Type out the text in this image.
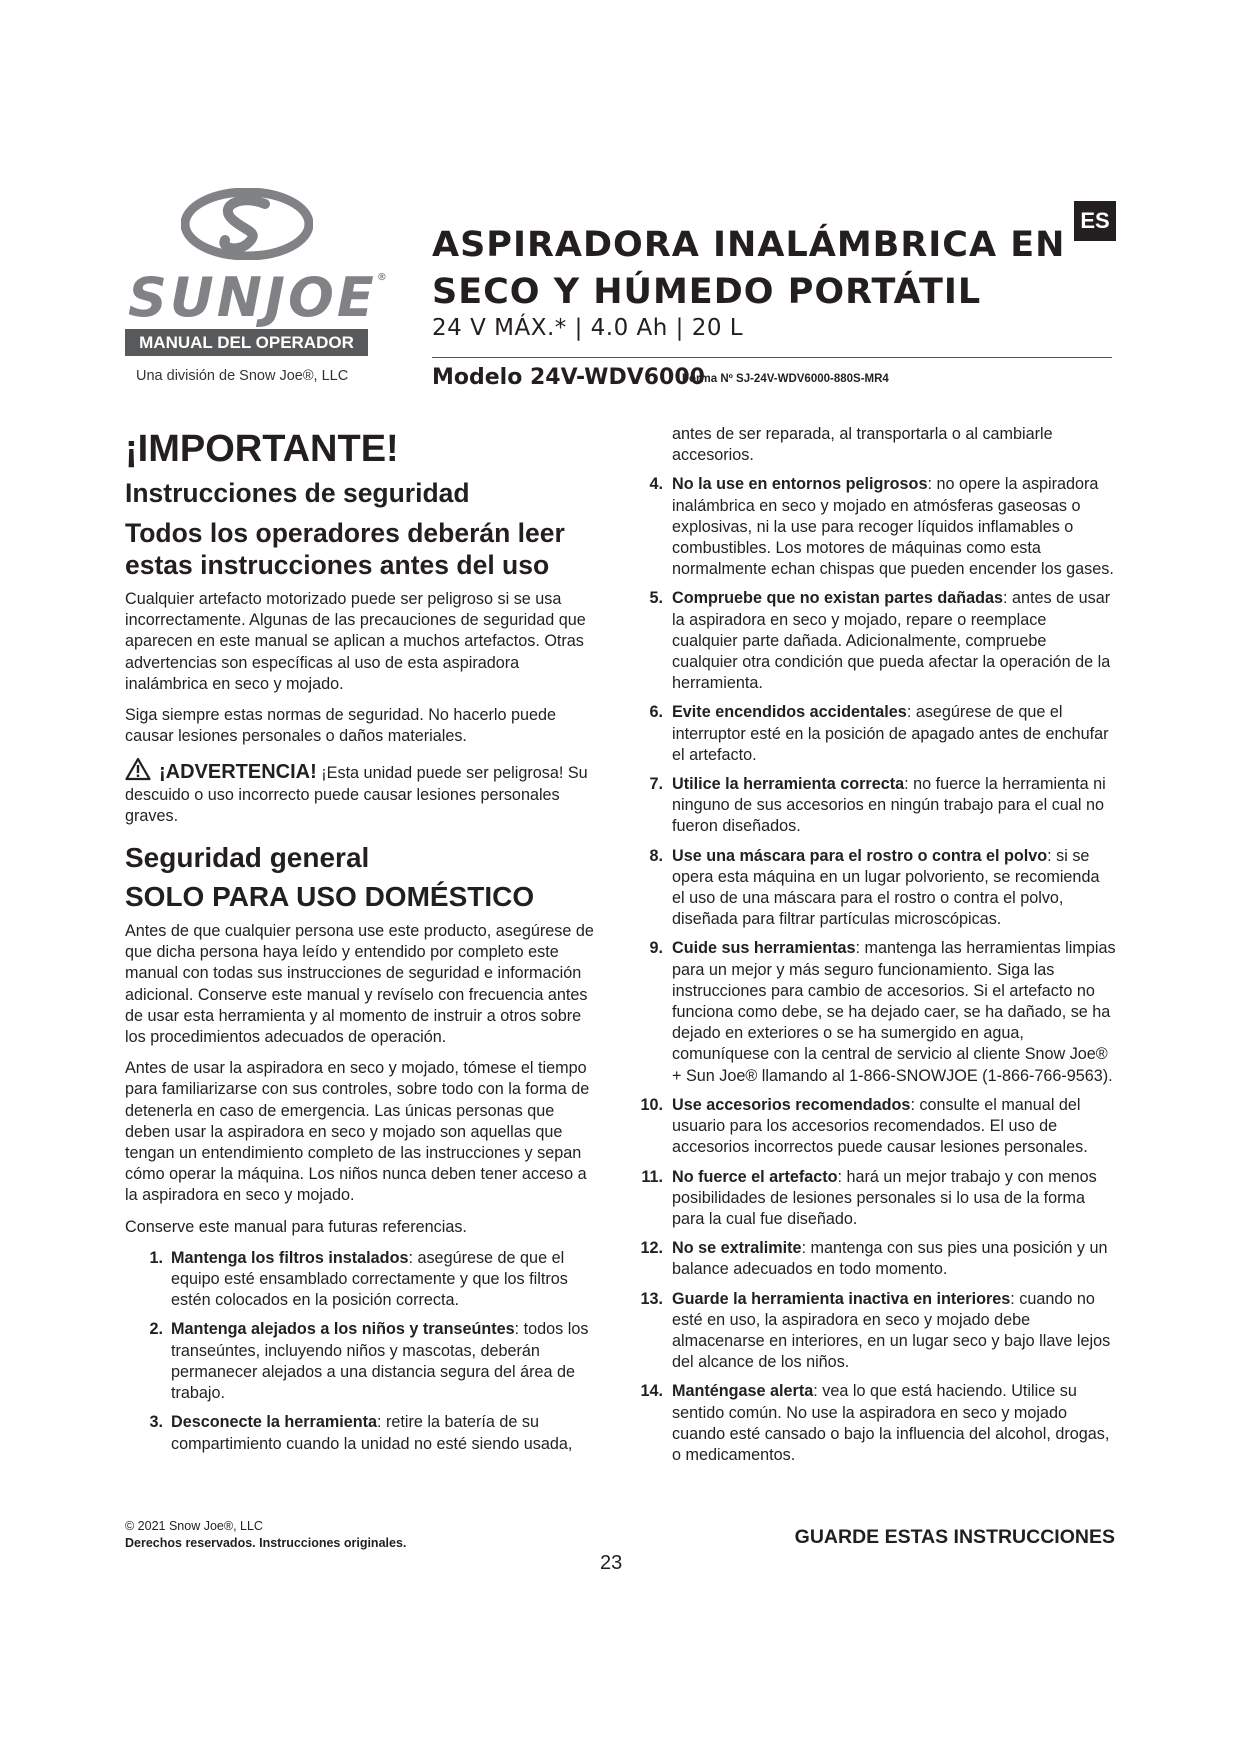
SUNJOE®
MANUAL DEL OPERADOR
Una división de Snow Joe®, LLC
ASPIRADORA INALÁMBRICA EN SECO Y HÚMEDO PORTÁTIL
24 V MÁX.* | 4.0 Ah | 20 L
Modelo 24V-WDV6000
Forma Nº SJ-24V-WDV6000-880S-MR4
ES
¡IMPORTANTE!
Instrucciones de seguridad
Todos los operadores deberán leer estas instrucciones antes del uso

Cualquier artefacto motorizado puede ser peligroso si se usa incorrectamente. Algunas de las precauciones de seguridad que aparecen en este manual se aplican a muchos artefactos. Otras advertencias son específicas al uso de esta aspiradora inalámbrica en seco y mojado.

Siga siempre estas normas de seguridad. No hacerlo puede causar lesiones personales o daños materiales.

¡ADVERTENCIA! ¡Esta unidad puede ser peligrosa! Su descuido o uso incorrecto puede causar lesiones personales graves.
Seguridad general
SOLO PARA USO DOMÉSTICO

Antes de que cualquier persona use este producto, asegúrese de que dicha persona haya leído y entendido por completo este manual con todas sus instrucciones de seguridad e información adicional. Conserve este manual y revíselo con frecuencia antes de usar esta herramienta y al momento de instruir a otros sobre los procedimientos adecuados de operación.

Antes de usar la aspiradora en seco y mojado, tómese el tiempo para familiarizarse con sus controles, sobre todo con la forma de detenerla en caso de emergencia. Las únicas personas que deben usar la aspiradora en seco y mojado son aquellas que tengan un entendimiento completo de las instrucciones y sepan cómo operar la máquina. Los niños nunca deben tener acceso a la aspiradora en seco y mojado.

Conserve este manual para futuras referencias.

1. Mantenga los filtros instalados: asegúrese de que el equipo esté ensamblado correctamente y que los filtros estén colocados en la posición correcta.
2. Mantenga alejados a los niños y transeúntes: todos los transeúntes, incluyendo niños y mascotas, deberán permanecer alejados a una distancia segura del área de trabajo.
3. Desconecte la herramienta: retire la batería de su compartimiento cuando la unidad no esté siendo usada,
antes de ser reparada, al transportarla o al cambiarle accesorios.
4. No la use en entornos peligrosos: no opere la aspiradora inalámbrica en seco y mojado en atmósferas gaseosas o explosivas, ni la use para recoger líquidos inflamables o combustibles. Los motores de máquinas como esta normalmente echan chispas que pueden encender los gases.
5. Compruebe que no existan partes dañadas: antes de usar la aspiradora en seco y mojado, repare o reemplace cualquier parte dañada. Adicionalmente, compruebe cualquier otra condición que pueda afectar la operación de la herramienta.
6. Evite encendidos accidentales: asegúrese de que el interruptor esté en la posición de apagado antes de enchufar el artefacto.
7. Utilice la herramienta correcta: no fuerce la herramienta ni ninguno de sus accesorios en ningún trabajo para el cual no fueron diseñados.
8. Use una máscara para el rostro o contra el polvo: si se opera esta máquina en un lugar polvoriento, se recomienda el uso de una máscara para el rostro o contra el polvo, diseñada para filtrar partículas microscópicas.
9. Cuide sus herramientas: mantenga las herramientas limpias para un mejor y más seguro funcionamiento. Siga las instrucciones para cambio de accesorios. Si el artefacto no funciona como debe, se ha dejado caer, se ha dañado, se ha dejado en exteriores o se ha sumergido en agua, comuníquese con la central de servicio al cliente Snow Joe® + Sun Joe® llamando al 1-866-SNOWJOE (1-866-766-9563).
10. Use accesorios recomendados: consulte el manual del usuario para los accesorios recomendados. El uso de accesorios incorrectos puede causar lesiones personales.
11. No fuerce el artefacto: hará un mejor trabajo y con menos posibilidades de lesiones personales si lo usa de la forma para la cual fue diseñado.
12. No se extralimite: mantenga con sus pies una posición y un balance adecuados en todo momento.
13. Guarde la herramienta inactiva en interiores: cuando no esté en uso, la aspiradora en seco y mojado debe almacenarse en interiores, en un lugar seco y bajo llave lejos del alcance de los niños.
14. Manténgase alerta: vea lo que está haciendo. Utilice su sentido común. No use la aspiradora en seco y mojado cuando esté cansado o bajo la influencia del alcohol, drogas, o medicamentos.
© 2021 Snow Joe®, LLC
Derechos reservados. Instrucciones originales.	GUARDE ESTAS INSTRUCCIONES
23
